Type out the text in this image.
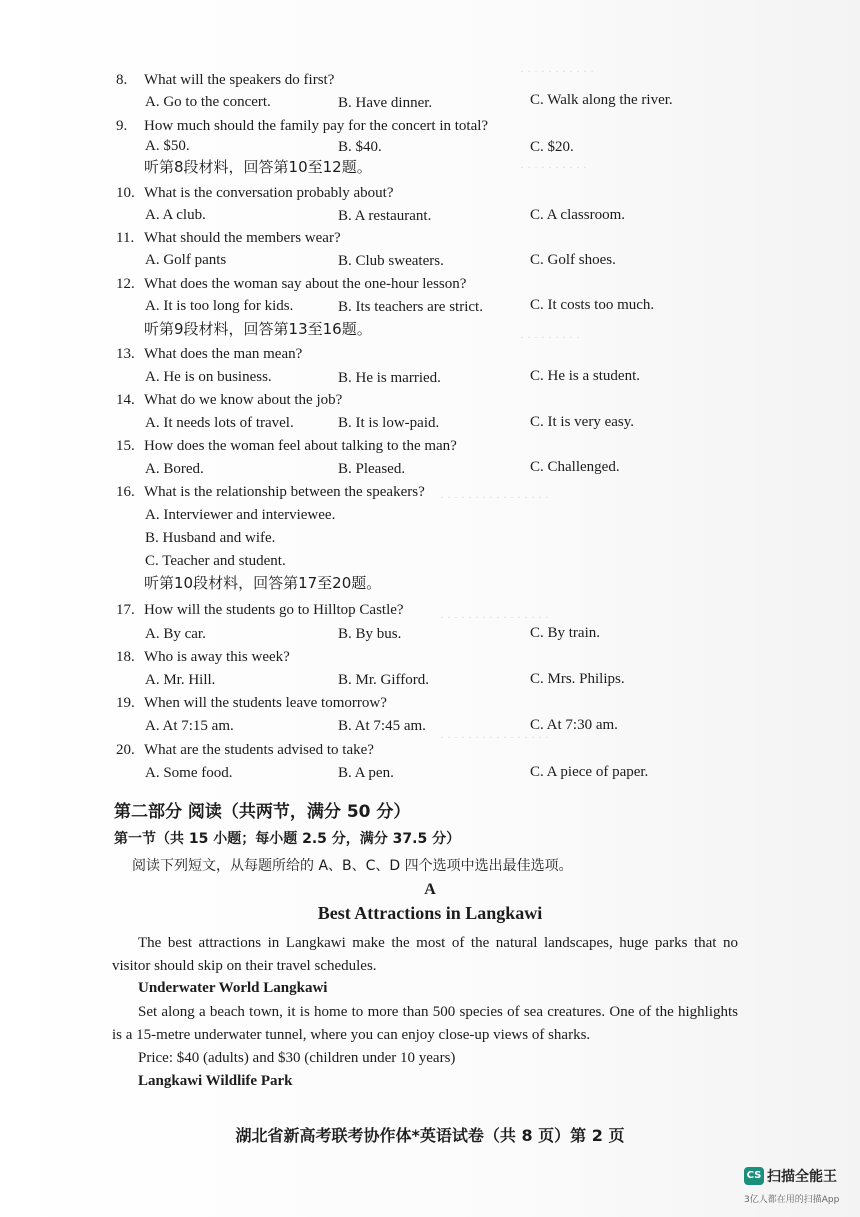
· · · · · · · · · · ·
· · · · · · · · · ·
· · · · · · · · ·
· · · · · · · · · · · · · · · ·
· · · · · · · · · · · · · · · ·
· · · · · · · · · · · · · · · ·
8. What will the speakers do first?
A. Go to the concert.	B. Have dinner.	C. Walk along the river.
9. How much should the family pay for the concert in total?
A. $50.	B. $40.	C. $20.
听第8段材料，回答第10至12题。
10. What is the conversation probably about?
A. A club.	B. A restaurant.	C. A classroom.
11. What should the members wear?
A. Golf pants	B. Club sweaters.	C. Golf shoes.
12. What does the woman say about the one-hour lesson?
A. It is too long for kids.	B. Its teachers are strict.	C. It costs too much.
听第9段材料，回答第13至16题。
13. What does the man mean?
A. He is on business.	B. He is married.	C. He is a student.
14. What do we know about the job?
A. It needs lots of travel.	B. It is low-paid.	C. It is very easy.
15. How does the woman feel about talking to the man?
A. Bored.	B. Pleased.	C. Challenged.
16. What is the relationship between the speakers?
A. Interviewer and interviewee.
B. Husband and wife.
C. Teacher and student.
听第10段材料，回答第17至20题。
17. How will the students go to Hilltop Castle?
A. By car.	B. By bus.	C. By train.
18. Who is away this week?
A. Mr. Hill.	B. Mr. Gifford.	C. Mrs. Philips.
19. When will the students leave tomorrow?
A. At 7:15 am.	B. At 7:45 am.	C. At 7:30 am.
20. What are the students advised to take?
A. Some food.	B. A pen.	C. A piece of paper.
第二部分 阅读（共两节，满分 50 分）
第一节（共 15 小题；每小题 2.5 分，满分 37.5 分）
阅读下列短文，从每题所给的 A、B、C、D 四个选项中选出最佳选项。
A
Best Attractions in Langkawi
The best attractions in Langkawi make the most of the natural landscapes, huge parks that no visitor should skip on their travel schedules.
Underwater World Langkawi
Set along a beach town, it is home to more than 500 species of sea creatures. One of the highlights is a 15-metre underwater tunnel, where you can enjoy close-up views of sharks.
Price: $40 (adults) and $30 (children under 10 years)
Langkawi Wildlife Park
湖北省新高考联考协作体*英语试卷（共 8 页）第 2 页
CS 扫描全能王
3亿人都在用的扫描App
